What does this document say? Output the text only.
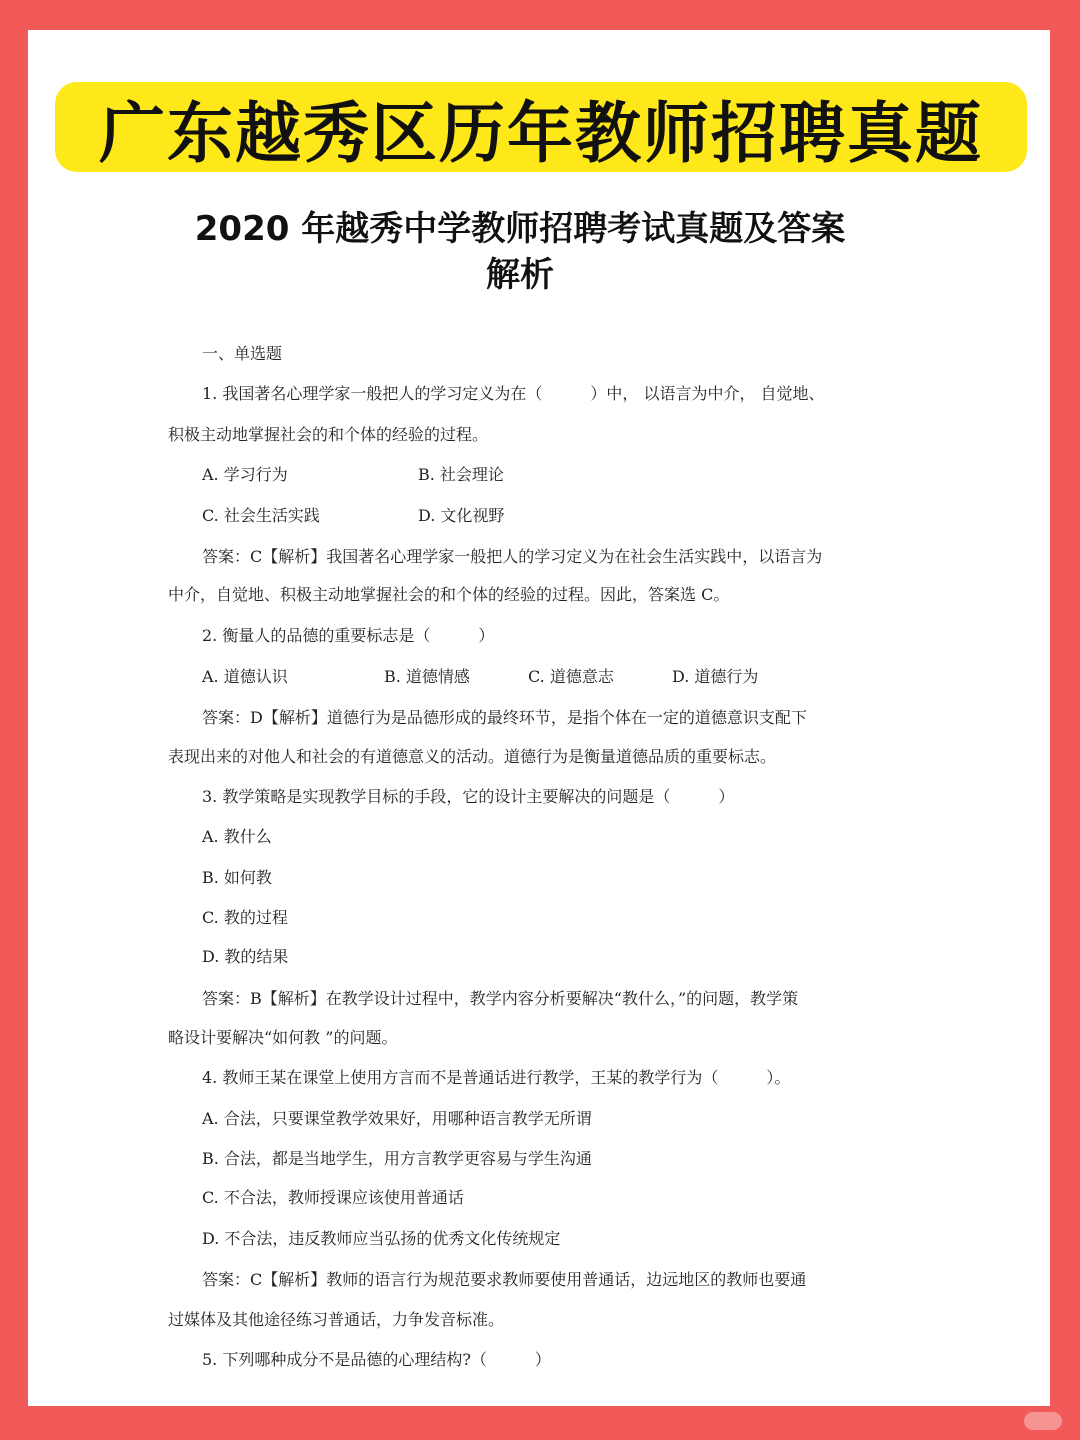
广东越秀区历年教师招聘真题
2020 年越秀中学教师招聘考试真题及答案
解析
一、单选题
1. 我国著名心理学家一般把人的学习定义为在（　　　）中， 以语言为中介， 自觉地、
积极主动地掌握社会的和个体的经验的过程。
A. 学习行为	B. 社会理论
C. 社会生活实践	D. 文化视野
答案：C【解析】我国著名心理学家一般把人的学习定义为在社会生活实践中，以语言为
中介，自觉地、积极主动地掌握社会的和个体的经验的过程。因此，答案选 C。
2. 衡量人的品德的重要标志是（　　　）
A. 道德认识	B. 道德情感	C. 道德意志	D. 道德行为
答案：D【解析】道德行为是品德形成的最终环节，是指个体在一定的道德意识支配下
表现出来的对他人和社会的有道德意义的活动。道德行为是衡量道德品质的重要标志。
3. 教学策略是实现教学目标的手段，它的设计主要解决的问题是（　　　）
A. 教什么
B. 如何教
C. 教的过程
D. 教的结果
答案：B【解析】在教学设计过程中，教学内容分析要解决“教什么，”的问题，教学策
略设计要解决“如何教 ”的问题。
4. 教师王某在课堂上使用方言而不是普通话进行教学，王某的教学行为（　　　）。
A. 合法，只要课堂教学效果好，用哪种语言教学无所谓
B. 合法，都是当地学生，用方言教学更容易与学生沟通
C. 不合法，教师授课应该使用普通话
D. 不合法，违反教师应当弘扬的优秀文化传统规定
答案：C【解析】教师的语言行为规范要求教师要使用普通话，边远地区的教师也要通
过媒体及其他途径练习普通话，力争发音标准。
5. 下列哪种成分不是品德的心理结构?（　　　）
